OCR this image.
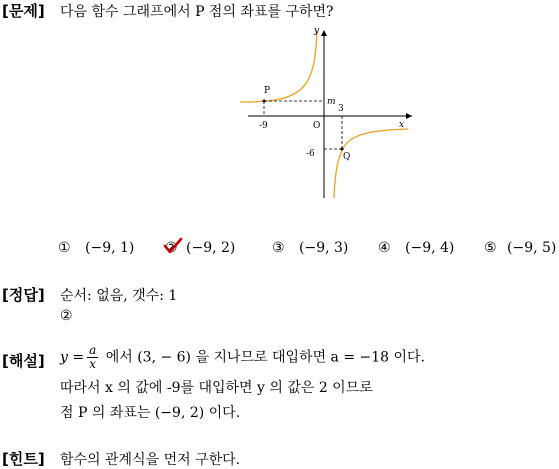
[문제] 다음 함수 그래프에서 P 점의 좌표를 구하면?
y
x
O
P
Q
m
3
-9
-6
① (−9, 1) ② (−9, 2)	③ (−9, 3) ④ (−9, 4) ⑤ (−9, 5)
[정답] 순서: 없음, 갯수: 1
②
[해설] $y = \frac{a}{x}$ 에서 (3, − 6) 을 지나므로 대입하면 a = −18 이다.
따라서 x 의 값에 -9를 대입하면 y 의 값은 2 이므로
점 P 의 좌표는 (−9, 2) 이다.
[힌트] 함수의 관계식을 먼저 구한다.
